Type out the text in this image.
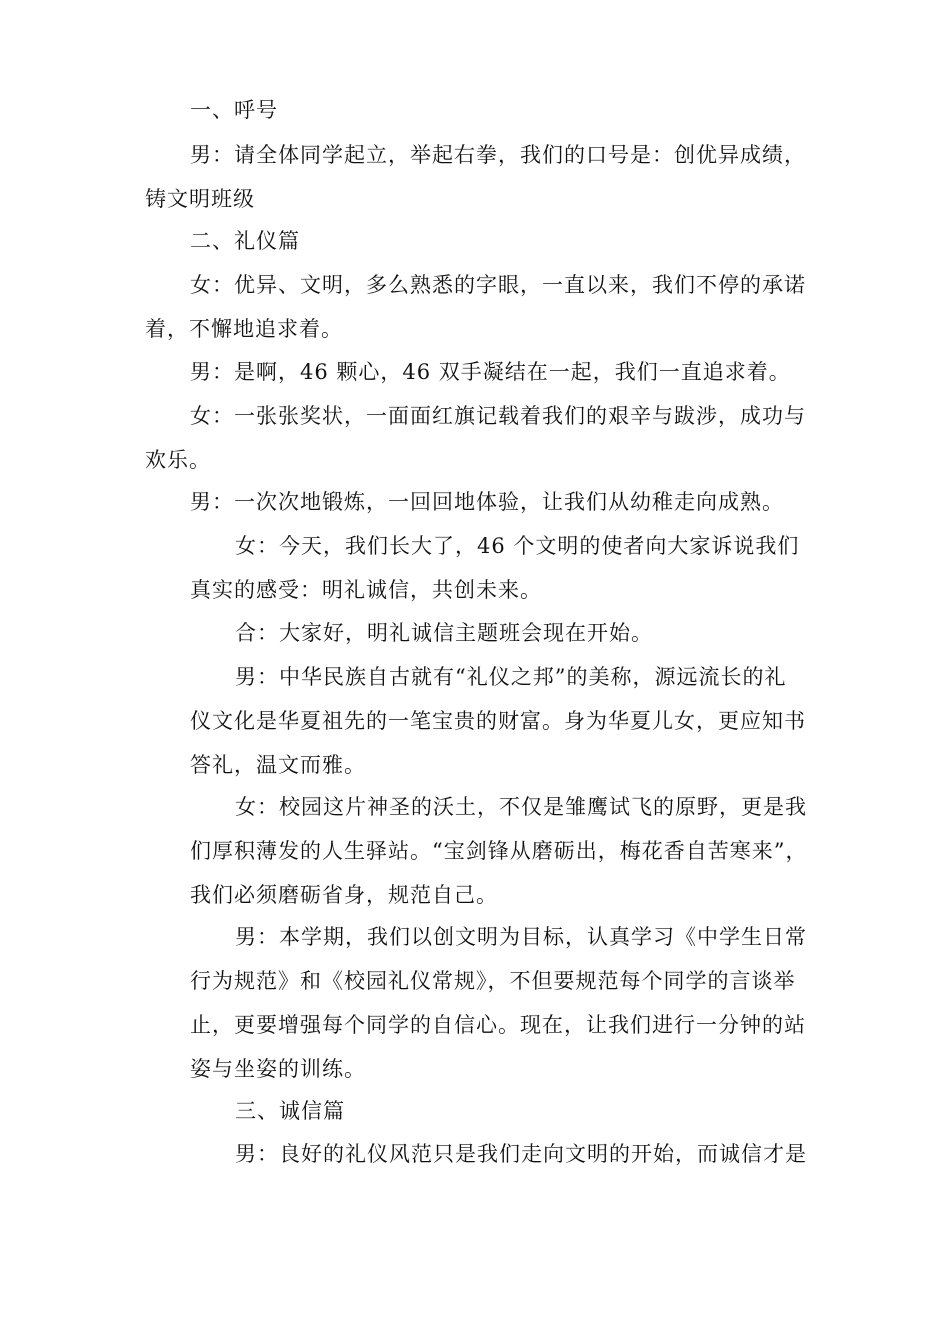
一、呼号
男：请全体同学起立，举起右拳，我们的口号是：创优异成绩，
铸文明班级
二、礼仪篇
女：优异、文明，多么熟悉的字眼，一直以来，我们不停的承诺
着，不懈地追求着。
男：是啊，46 颗心，46 双手凝结在一起，我们一直追求着。
女：一张张奖状，一面面红旗记载着我们的艰辛与跋涉，成功与
欢乐。
男：一次次地锻炼，一回回地体验，让我们从幼稚走向成熟。
女：今天，我们长大了，46 个文明的使者向大家诉说我们
真实的感受：明礼诚信，共创未来。
合：大家好，明礼诚信主题班会现在开始。
男：中华民族自古就有“礼仪之邦”的美称，源远流长的礼
仪文化是华夏祖先的一笔宝贵的财富。身为华夏儿女，更应知书
答礼，温文而雅。
女：校园这片神圣的沃土，不仅是雏鹰试飞的原野，更是我
们厚积薄发的人生驿站。“宝剑锋从磨砺出，梅花香自苦寒来”，
我们必须磨砺省身，规范自己。
男：本学期，我们以创文明为目标，认真学习《中学生日常
行为规范》和《校园礼仪常规》，不但要规范每个同学的言谈举
止，更要增强每个同学的自信心。现在，让我们进行一分钟的站
姿与坐姿的训练。
三、诚信篇
男：良好的礼仪风范只是我们走向文明的开始，而诚信才是
